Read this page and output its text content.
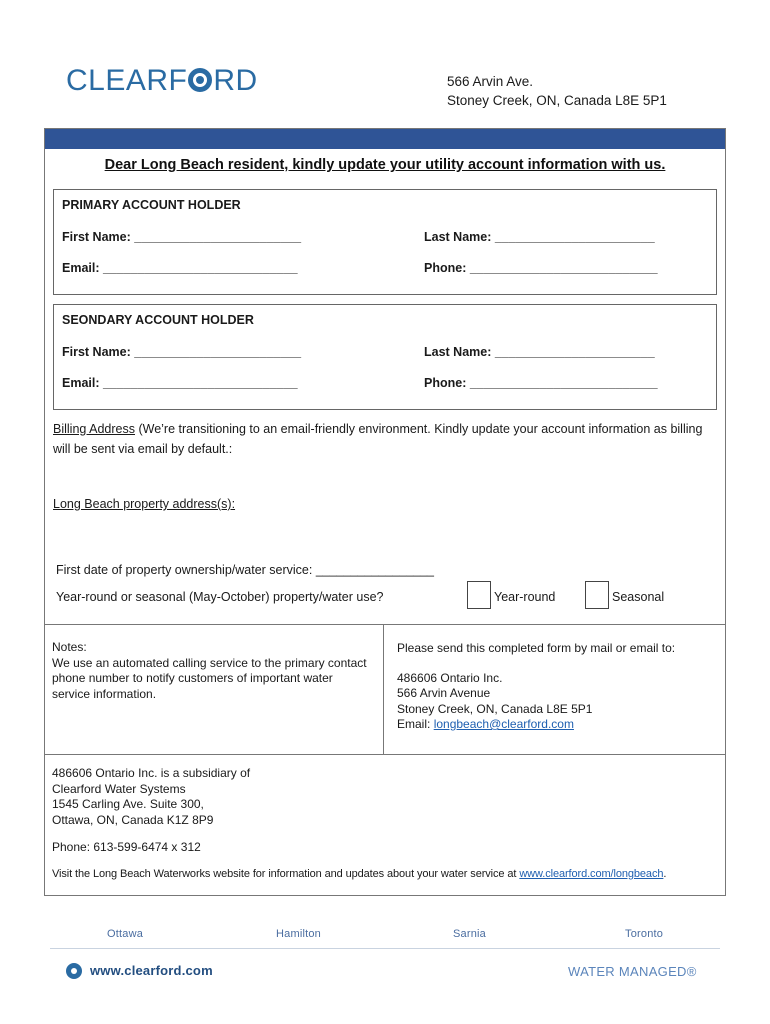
CLEARF RD	566 Arvin Ave.
Stoney Creek, ON, Canada L8E 5P1
Dear Long Beach resident, kindly update your utility account information with us.
PRIMARY ACCOUNT HOLDER
First Name: ________________________	Last Name: _______________________
Email: ____________________________	Phone: ___________________________
SEONDARY ACCOUNT HOLDER
First Name: ________________________	Last Name: _______________________
Email: ____________________________	Phone: ___________________________
Billing Address (We’re transitioning to an email-friendly environment. Kindly update your account information as billing will be sent via email by default.:
Long Beach property address(s):
First date of property ownership/water service: _________________
Year-round or seasonal (May-October) property/water use?	Year-round	Seasonal
Notes:
We use an automated calling service to the primary contact phone number to notify customers of important water service information.
Please send this completed form by mail or email to:
486606 Ontario Inc.
566 Arvin Avenue
Stoney Creek, ON, Canada L8E 5P1
Email: longbeach@clearford.com
486606 Ontario Inc. is a subsidiary of
Clearford Water Systems
1545 Carling Ave. Suite 300,
Ottawa, ON, Canada K1Z 8P9
Phone: 613-599-6474 x 312
Visit the Long Beach Waterworks website for information and updates about your water service at www.clearford.com/longbeach.
Ottawa	Hamilton	Sarnia	Toronto
www.clearford.com	WATER MANAGED®
